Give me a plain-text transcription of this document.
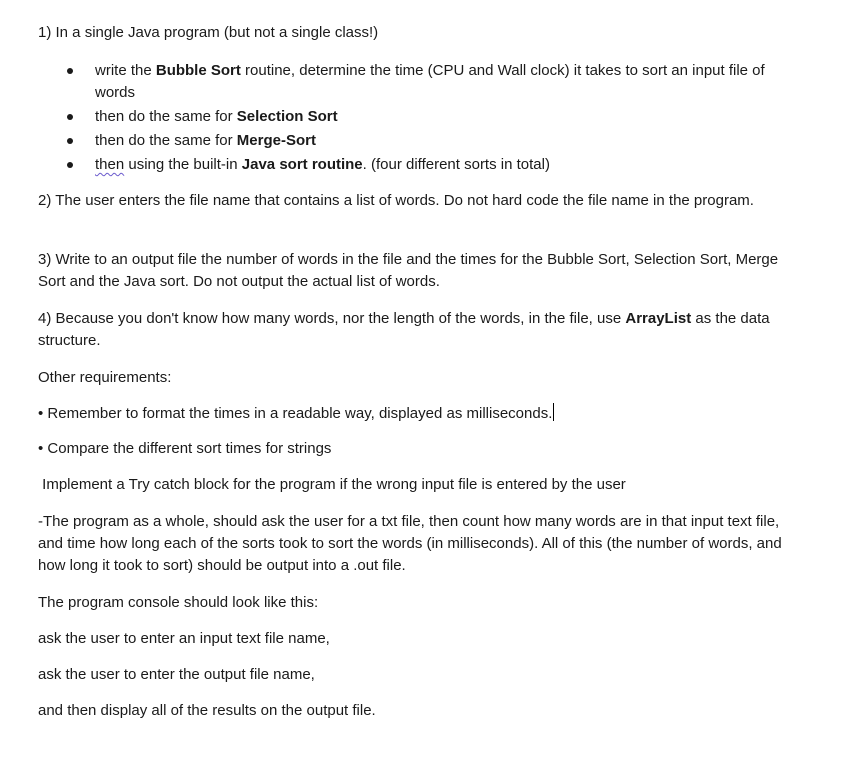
1) In a single Java program (but not a single class!)

write the Bubble Sort routine, determine the time (CPU and Wall clock) it takes to sort an input file of words
then do the same for Selection Sort
then do the same for Merge-Sort
then using the built-in Java sort routine. (four different sorts in total)

2) The user enters the file name that contains a list of words. Do not hard code the file name in the program.

3) Write to an output file the number of words in the file and the times for the Bubble Sort, Selection Sort, Merge Sort and the Java sort. Do not output the actual list of words.

4) Because you don't know how many words, nor the length of the words, in the file, use ArrayList as the data structure.

Other requirements:

• Remember to format the times in a readable way, displayed as milliseconds.

• Compare the different sort times for strings

Implement a Try catch block for the program if the wrong input file is entered by the user

-The program as a whole, should ask the user for a txt file, then count how many words are in that input text file, and time how long each of the sorts took to sort the words (in milliseconds). All of this (the number of words, and how long it took to sort) should be output into a .out file.

The program console should look like this:

ask the user to enter an input text file name,

ask the user to enter the output file name,

and then display all of the results on the output file.
